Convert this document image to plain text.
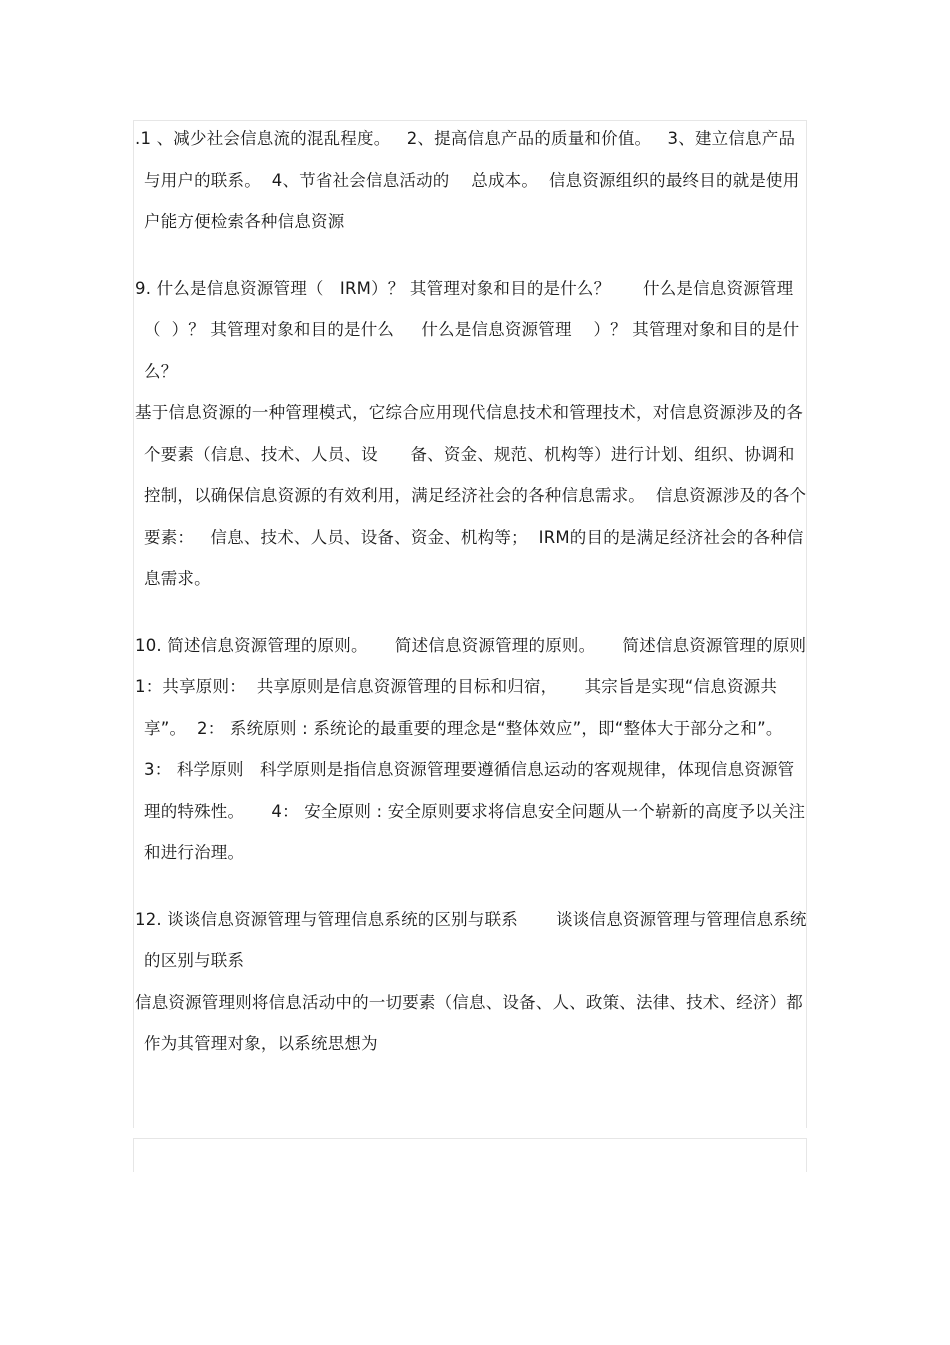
.1 、减少社会信息流的混乱程度。   2、提高信息产品的质量和价值。   3、建立信息产品与用户的联系。  4、节省社会信息活动的    总成本。  信息资源组织的最终目的就是使用户能方便检索各种信息资源

9. 什么是信息资源管理（   IRM）？ 其管理对象和目的是什么？      什么是信息资源管理（  ）？ 其管理对象和目的是什么     什么是信息资源管理    ）？ 其管理对象和目的是什么？

基于信息资源的一种管理模式，它综合应用现代信息技术和管理技术，对信息资源涉及的各个要素（信息、技术、人员、设      备、资金、规范、机构等）进行计划、组织、协调和控制，以确保信息资源的有效利用，满足经济社会的各种信息需求。  信息资源涉及的各个要素：   信息、技术、人员、设备、资金、机构等；  IRM的目的是满足经济社会的各种信息需求。

10. 简述信息资源管理的原则。     简述信息资源管理的原则。     简述信息资源管理的原则

1：共享原则：  共享原则是信息资源管理的目标和归宿，     其宗旨是实现“信息资源共享”。  2： 系统原则 : 系统论的最重要的理念是“整体效应”，即“整体大于部分之和”。  3： 科学原则   科学原则是指信息资源管理要遵循信息运动的客观规律，体现信息资源管理的特殊性。     4： 安全原则 : 安全原则要求将信息安全问题从一个崭新的高度予以关注和进行治理。

12. 谈谈信息资源管理与管理信息系统的区别与联系       谈谈信息资源管理与管理信息系统的区别与联系

信息资源管理则将信息活动中的一切要素（信息、设备、人、政策、法律、技术、经济）都作为其管理对象，以系统思想为
